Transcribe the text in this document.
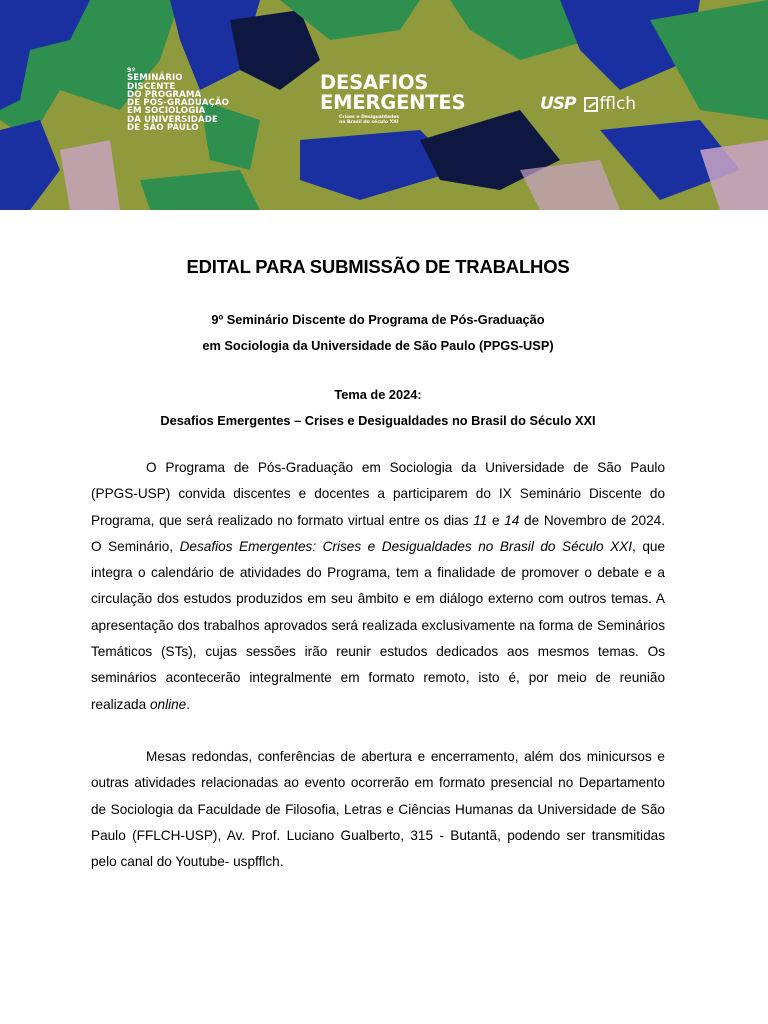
9º
SEMINÁRIO
DISCENTE
DO PROGRAMA
DE PÓS-GRADUAÇÃO
EM SOCIOLOGIA
DA UNIVERSIDADE
DE SÃO PAULO
DESAFIOS
EMERGENTES
Crises e Desigualdades
no Brasil do século XXI
USP fflch
EDITAL PARA SUBMISSÃO DE TRABALHOS
9º Seminário Discente do Programa de Pós-Graduação
em Sociologia da Universidade de São Paulo (PPGS-USP)
Tema de 2024:
Desafios Emergentes – Crises e Desigualdades no Brasil do Século XXI

O Programa de Pós-Graduação em Sociologia da Universidade de São Paulo (PPGS-USP) convida discentes e docentes a participarem do IX Seminário Discente do Programa, que será realizado no formato virtual entre os dias 11 e 14 de Novembro de 2024. O Seminário, Desafios Emergentes: Crises e Desigualdades no Brasil do Século XXI, que integra o calendário de atividades do Programa, tem a finalidade de promover o debate e a circulação dos estudos produzidos em seu âmbito e em diálogo externo com outros temas. A apresentação dos trabalhos aprovados será realizada exclusivamente na forma de Seminários Temáticos (STs), cujas sessões irão reunir estudos dedicados aos mesmos temas. Os seminários acontecerão integralmente em formato remoto, isto é, por meio de reunião realizada online.

Mesas redondas, conferências de abertura e encerramento, além dos minicursos e outras atividades relacionadas ao evento ocorrerão em formato presencial no Departamento de Sociologia da Faculdade de Filosofia, Letras e Ciências Humanas da Universidade de São Paulo (FFLCH-USP), Av. Prof. Luciano Gualberto, 315 - Butantã, podendo ser transmitidas pelo canal do Youtube- uspfflch.
